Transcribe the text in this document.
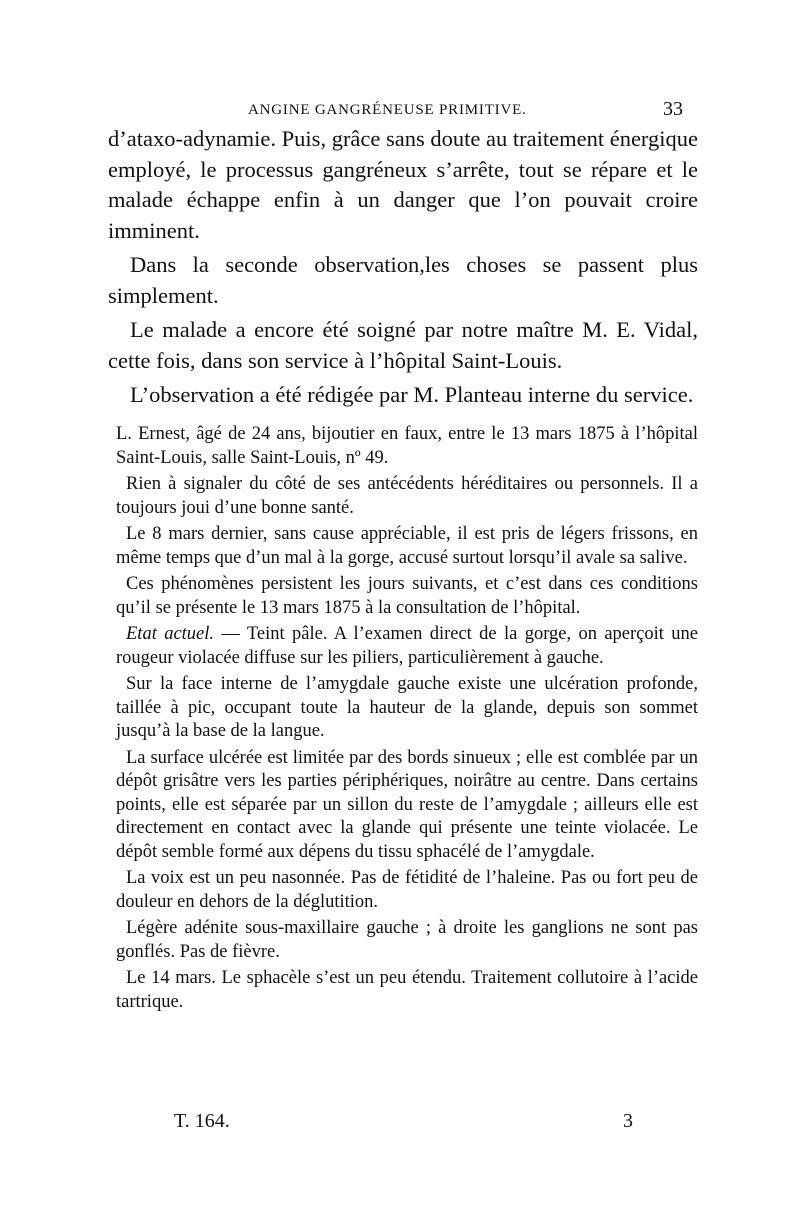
ANGINE GANGRÉNEUSE PRIMITIVE.	33

d’ataxo-adynamie. Puis, grâce sans doute au traitement énergique employé, le processus gangréneux s’arrête, tout se répare et le malade échappe enfin à un danger que l’on pouvait croire imminent.

Dans la seconde observation,les choses se passent plus simplement.

Le malade a encore été soigné par notre maître M. E. Vidal, cette fois, dans son service à l’hôpital Saint-Louis.

L’observation a été rédigée par M. Planteau interne du service.

L. Ernest, âgé de 24 ans, bijoutier en faux, entre le 13 mars 1875 à l’hôpital Saint-Louis, salle Saint-Louis, nº 49.

Rien à signaler du côté de ses antécédents héréditaires ou personnels. Il a toujours joui d’une bonne santé.

Le 8 mars dernier, sans cause appréciable, il est pris de légers frissons, en même temps que d’un mal à la gorge, accusé surtout lorsqu’il avale sa salive.

Ces phénomènes persistent les jours suivants, et c’est dans ces conditions qu’il se présente le 13 mars 1875 à la consultation de l’hôpital.

Etat actuel. — Teint pâle. A l’examen direct de la gorge, on aperçoit une rougeur violacée diffuse sur les piliers, particulièrement à gauche.

Sur la face interne de l’amygdale gauche existe une ulcération profonde, taillée à pic, occupant toute la hauteur de la glande, depuis son sommet jusqu’à la base de la langue.

La surface ulcérée est limitée par des bords sinueux ; elle est comblée par un dépôt grisâtre vers les parties périphériques, noirâtre au centre. Dans certains points, elle est séparée par un sillon du reste de l’amygdale ; ailleurs elle est directement en contact avec la glande qui présente une teinte violacée. Le dépôt semble formé aux dépens du tissu sphacélé de l’amygdale.

La voix est un peu nasonnée. Pas de fétidité de l’haleine. Pas ou fort peu de douleur en dehors de la déglutition.

Légère adénite sous-maxillaire gauche ; à droite les ganglions ne sont pas gonflés. Pas de fièvre.

Le 14 mars. Le sphacèle s’est un peu étendu. Traitement collutoire à l’acide tartrique.

T. 164.	3
